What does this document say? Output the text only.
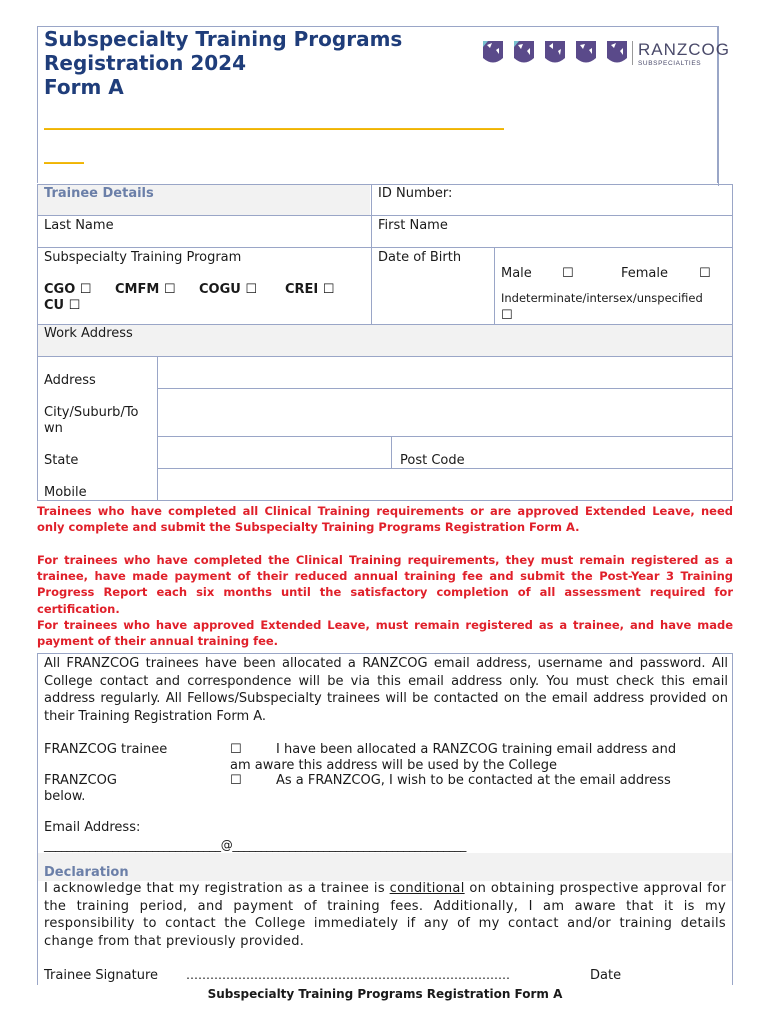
Subspecialty Training Programs
Registration 2024
Form A
______________________________________________
____
RANZCOG
SUBSPECIALTIES
Trainee Details	ID Number:
Last Name	First Name
Subspecialty Training Program	Date of Birth
CGO ☐ CMFM ☐ COGU ☐ CREI ☐
CU ☐
Male ☐	Female ☐
Indeterminate/intersex/unspecified
☐
Work Address
Address
City/Suburb/To
wn
State	Post Code
Mobile
Trainees who have completed all Clinical Training requirements or are approved Extended Leave, need only complete and submit the Subspecialty Training Programs Registration Form A.
For trainees who have completed the Clinical Training requirements, they must remain registered as a trainee, have made payment of their reduced annual training fee and submit the Post-Year 3 Training Progress Report each six months until the satisfactory completion of all assessment required for certification.
For trainees who have approved Extended Leave, must remain registered as a trainee, and have made payment of their annual training fee.
All FRANZCOG trainees have been allocated a RANZCOG email address, username and password. All College contact and correspondence will be via this email address only. You must check this email address regularly. All Fellows/Subspecialty trainees will be contacted on the email address provided on their Training Registration Form A.
FRANZCOG trainee	☐	I have been allocated a RANZCOG training email address and
am aware this address will be used by the College
FRANZCOG	☐	As a FRANZCOG, I wish to be contacted at the email address
below.
Email Address:
_______________________________@_________________________________________
Declaration
I acknowledge that my registration as a trainee is conditional on obtaining prospective approval for the training period, and payment of training fees. Additionally, I am aware that it is my responsibility to contact the College immediately if any of my contact and/or training details change from that previously provided.
Trainee Signature ………………………………………………………………………	Date
Subspecialty Training Programs Registration Form A
